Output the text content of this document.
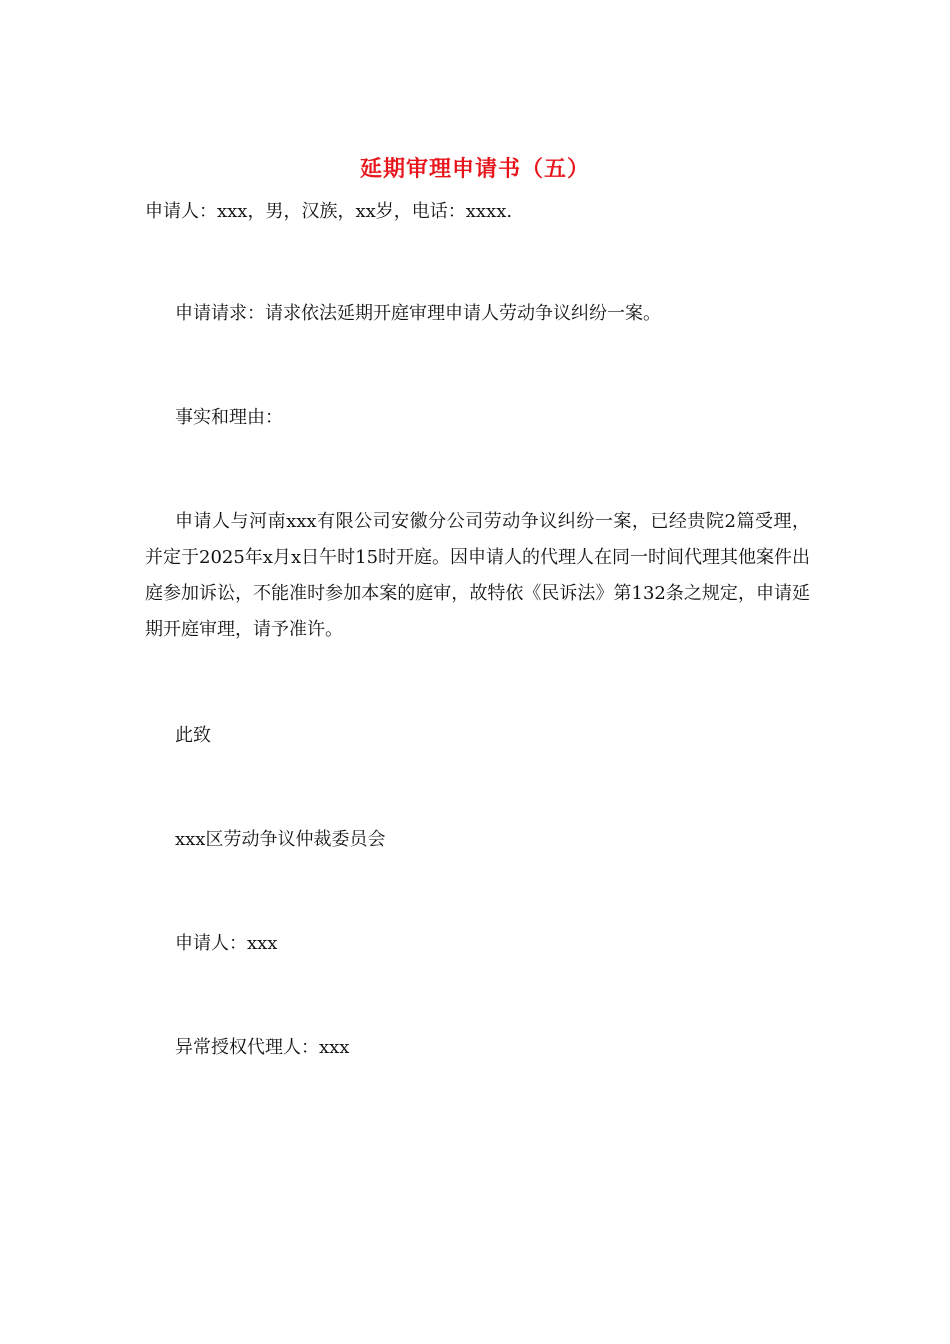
延期审理申请书（五）
申请人：xxx，男，汉族，xx岁，电话：xxxx.
申请请求：请求依法延期开庭审理申请人劳动争议纠纷一案。
事实和理由：
申请人与河南xxx有限公司安徽分公司劳动争议纠纷一案，已经贵院2篇受理，并定于2025年x月x日午时15时开庭。因申请人的代理人在同一时间代理其他案件出庭参加诉讼，不能准时参加本案的庭审，故特依《民诉法》第132条之规定，申请延期开庭审理，请予准许。
此致
xxx区劳动争议仲裁委员会
申请人：xxx
异常授权代理人：xxx
